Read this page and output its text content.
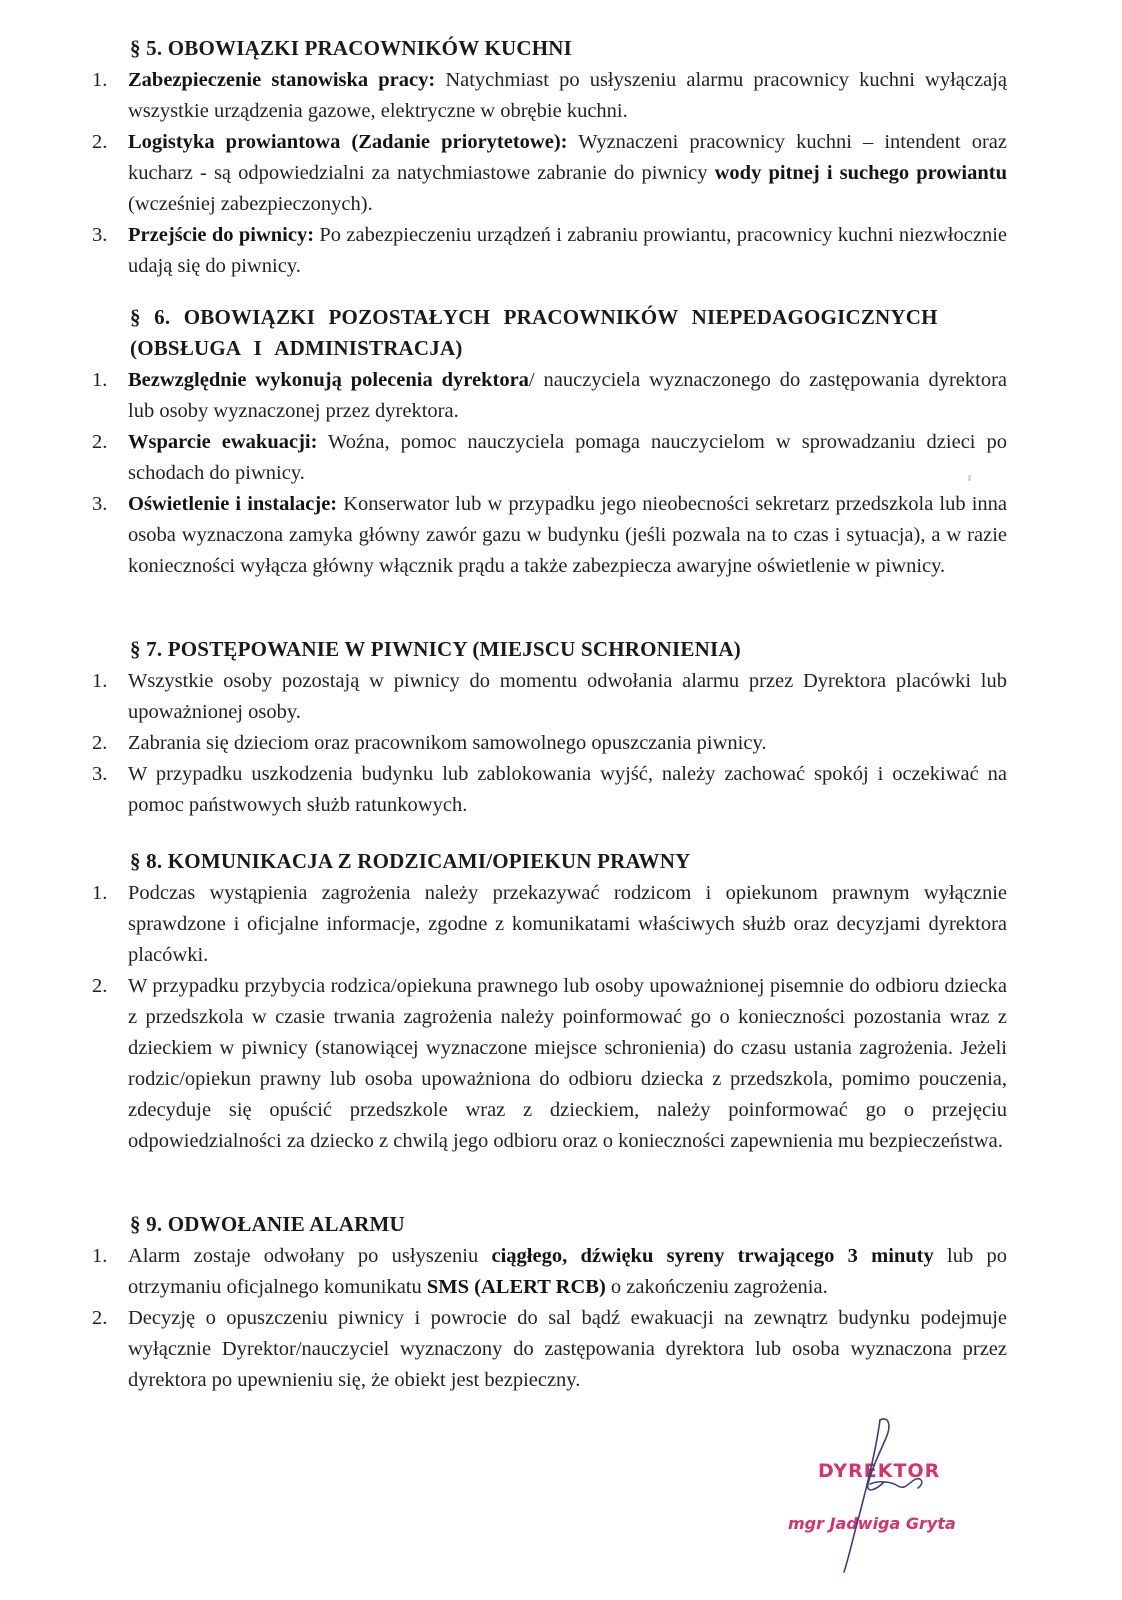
§ 5. OBOWIĄZKI PRACOWNIKÓW KUCHNI
1.	Zabezpieczenie stanowiska pracy: Natychmiast po usłyszeniu alarmu pracownicy kuchni wyłączają wszystkie urządzenia gazowe, elektryczne w obrębie kuchni.
2.	Logistyka prowiantowa (Zadanie priorytetowe): Wyznaczeni pracownicy kuchni – intendent oraz kucharz - są odpowiedzialni za natychmiastowe zabranie do piwnicy wody pitnej i suchego prowiantu (wcześniej zabezpieczonych).
3.	Przejście do piwnicy: Po zabezpieczeniu urządzeń i zabraniu prowiantu, pracownicy kuchni niezwłocznie udają się do piwnicy.
§ 6. OBOWIĄZKI POZOSTAŁYCH PRACOWNIKÓW NIEPEDAGOGICZNYCH (OBSŁUGA I ADMINISTRACJA)
1.	Bezwzględnie wykonują polecenia dyrektora/ nauczyciela wyznaczonego do zastępowania dyrektora lub osoby wyznaczonej przez dyrektora.
2.	Wsparcie ewakuacji: Woźna, pomoc nauczyciela pomaga nauczycielom w sprowadzaniu dzieci po schodach do piwnicy.
3.	Oświetlenie i instalacje: Konserwator lub w przypadku jego nieobecności sekretarz przedszkola lub inna osoba wyznaczona zamyka główny zawór gazu w budynku (jeśli pozwala na to czas i sytuacja), a w razie konieczności wyłącza główny włącznik prądu a także zabezpiecza awaryjne oświetlenie w piwnicy.
§ 7. POSTĘPOWANIE W PIWNICY (MIEJSCU SCHRONIENIA)
1.	Wszystkie osoby pozostają w piwnicy do momentu odwołania alarmu przez Dyrektora placówki lub upoważnionej osoby.
2.	Zabrania się dzieciom oraz pracownikom samowolnego opuszczania piwnicy.
3.	W przypadku uszkodzenia budynku lub zablokowania wyjść, należy zachować spokój i oczekiwać na pomoc państwowych służb ratunkowych.
§ 8. KOMUNIKACJA Z RODZICAMI/OPIEKUN PRAWNY
1.	Podczas wystąpienia zagrożenia należy przekazywać rodzicom i opiekunom prawnym wyłącznie sprawdzone i oficjalne informacje, zgodne z komunikatami właściwych służb oraz decyzjami dyrektora placówki.
2.	W przypadku przybycia rodzica/opiekuna prawnego lub osoby upoważnionej pisemnie do odbioru dziecka z przedszkola w czasie trwania zagrożenia należy poinformować go o konieczności pozostania wraz z dzieckiem w piwnicy (stanowiącej wyznaczone miejsce schronienia) do czasu ustania zagrożenia. Jeżeli rodzic/opiekun prawny lub osoba upoważniona do odbioru dziecka z przedszkola, pomimo pouczenia, zdecyduje się opuścić przedszkole wraz z dzieckiem, należy poinformować go o przejęciu odpowiedzialności za dziecko z chwilą jego odbioru oraz o konieczności zapewnienia mu bezpieczeństwa.
§ 9. ODWOŁANIE ALARMU
1.	Alarm zostaje odwołany po usłyszeniu ciągłego, dźwięku syreny trwającego 3 minuty lub po otrzymaniu oficjalnego komunikatu SMS (ALERT RCB) o zakończeniu zagrożenia.
2.	Decyzję o opuszczeniu piwnicy i powrocie do sal bądź ewakuacji na zewnątrz budynku podejmuje wyłącznie Dyrektor/nauczyciel wyznaczony do zastępowania dyrektora lub osoba wyznaczona przez dyrektora po upewnieniu się, że obiekt jest bezpieczny.
DYREKTOR
mgr Jadwiga Gryta
